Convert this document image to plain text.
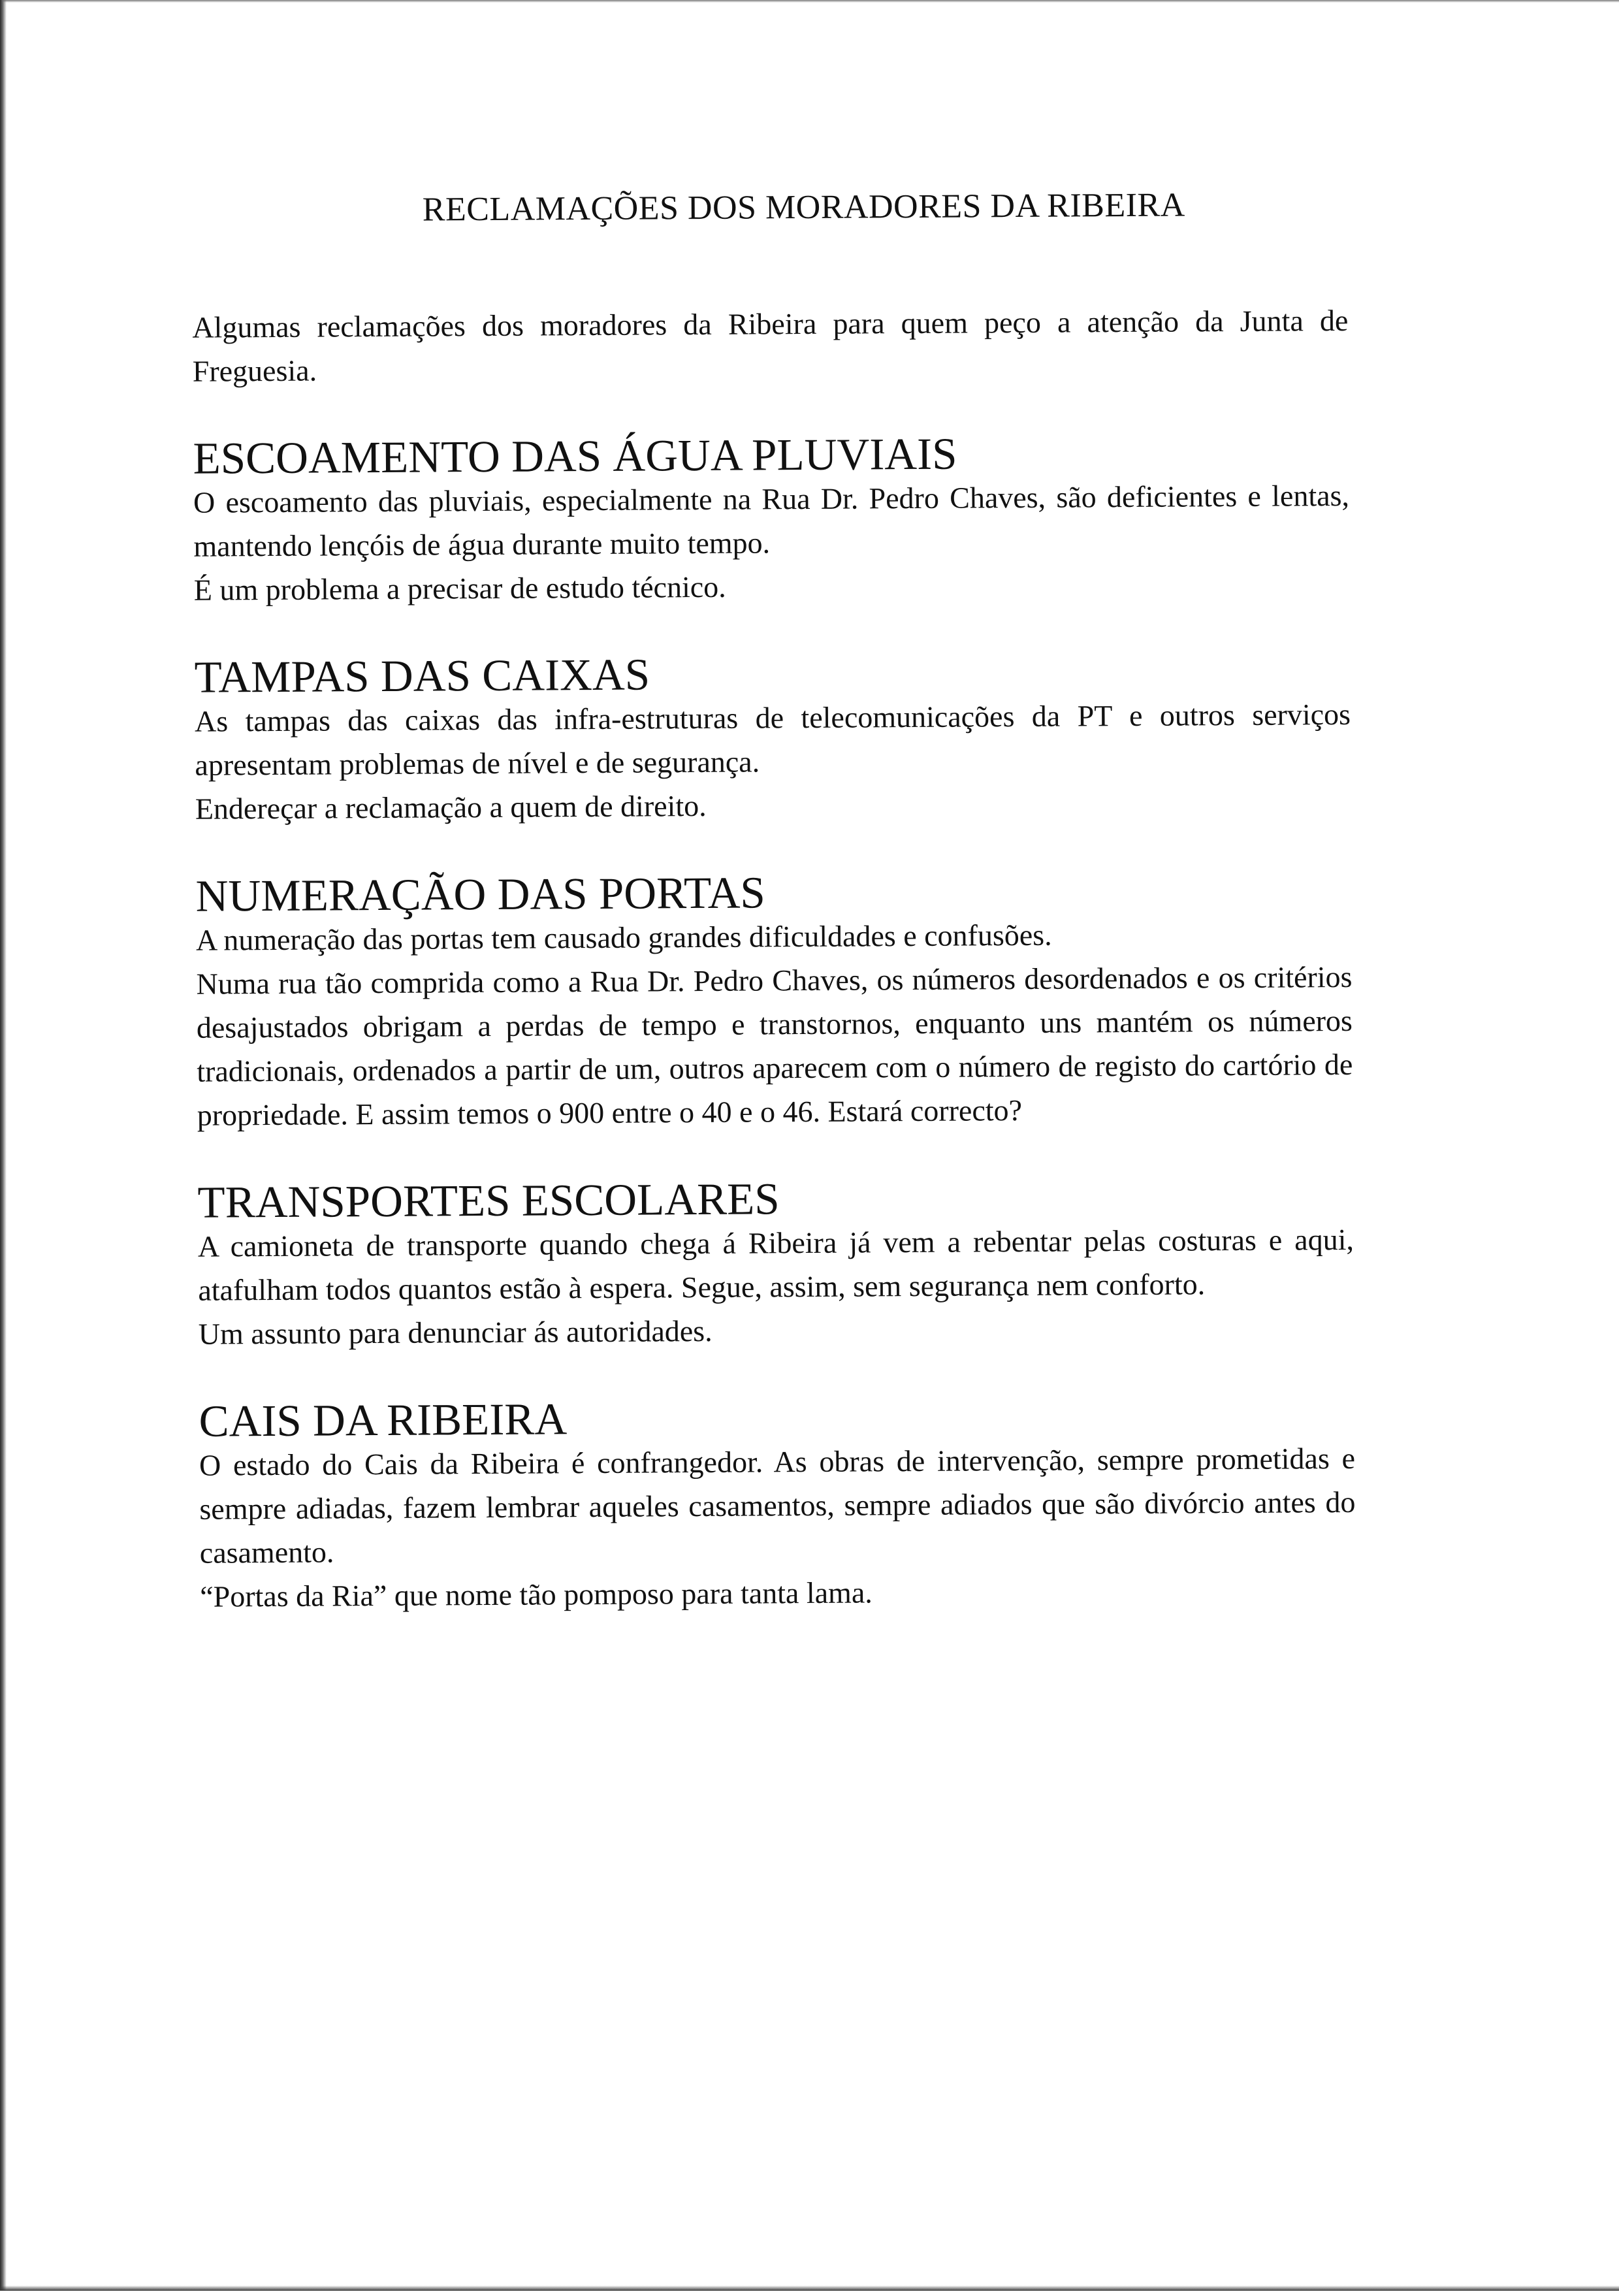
RECLAMAÇÕES DOS MORADORES DA RIBEIRA

Algumas reclamações dos moradores da Ribeira para quem peço a atenção da Junta de Freguesia.

ESCOAMENTO DAS ÁGUA PLUVIAIS

O escoamento das pluviais, especialmente na Rua Dr. Pedro Chaves, são deficientes e lentas, mantendo lençóis de água durante muito tempo.

É um problema a precisar de estudo técnico.

TAMPAS DAS CAIXAS

As tampas das caixas das infra-estruturas de telecomunicações da PT e outros serviços apresentam problemas de nível e de segurança.

Endereçar a reclamação a quem de direito.

NUMERAÇÃO DAS PORTAS

A numeração das portas tem causado grandes dificuldades e confusões.

Numa rua tão comprida como a Rua Dr. Pedro Chaves, os números desordenados e os critérios desajustados obrigam a perdas de tempo e transtornos, enquanto uns mantém os números tradicionais, ordenados a partir de um, outros aparecem com o número de registo do cartório de propriedade. E assim temos o 900 entre o 40 e o 46. Estará correcto?

TRANSPORTES ESCOLARES

A camioneta de transporte quando chega á Ribeira já vem a rebentar pelas costuras e aqui, atafulham todos quantos estão à espera. Segue, assim, sem segurança nem conforto.

Um assunto para denunciar ás autoridades.

CAIS DA RIBEIRA

O estado do Cais da Ribeira é confrangedor. As obras de intervenção, sempre prometidas e sempre adiadas, fazem lembrar aqueles casamentos, sempre adiados que são divórcio antes do casamento.

“Portas da Ria” que nome tão pomposo para tanta lama.
